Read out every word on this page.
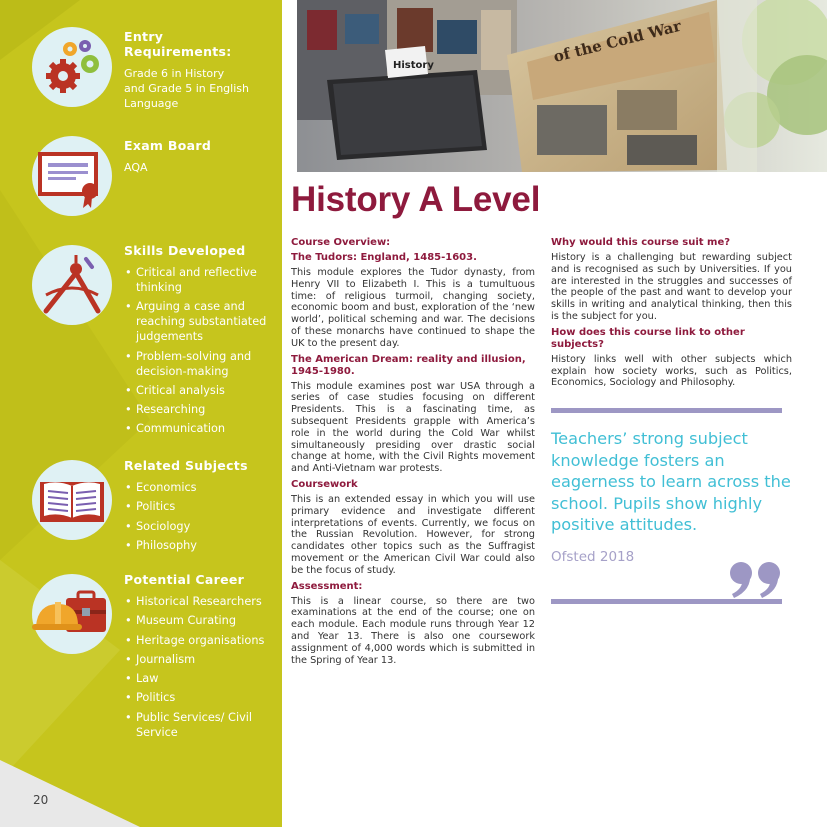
Entry Requirements:

Grade 6 in History
and Grade 5 in English
Language

Exam Board

AQA

Skills Developed

• Critical and reflective thinking
• Arguing a case and reaching substantiated judgements
• Problem-solving and decision-making
• Critical analysis
• Researching
• Communication

Related Subjects

• Economics
• Politics
• Sociology
• Philosophy

Potential Career

• Historical Researchers
• Museum Curating
• Heritage organisations
• Journalism
• Law
• Politics
• Public Services/ Civil Service
20
History	of the Cold War
History A Level

Course Overview:

The Tudors: England, 1485-1603.

This module explores the Tudor dynasty, from Henry VII to Elizabeth I. This is a tumultuous time: of religious turmoil, changing society, economic boom and bust, exploration of the ‘new world’, political scheming and war. The decisions of these monarchs have continued to shape the UK to the present day.

The American Dream: reality and illusion, 1945-1980.

This module examines post war USA through a series of case studies focusing on different Presidents. This is a fascinating time, as subsequent Presidents grapple with America’s role in the world during the Cold War whilst simultaneously presiding over drastic social change at home, with the Civil Rights movement and Anti-Vietnam war protests.

Coursework

This is an extended essay in which you will use primary evidence and investigate different interpretations of events. Currently, we focus on the Russian Revolution. However, for strong candidates other topics such as the Suffragist movement or the American Civil War could also be the focus of study.

Assessment:

This is a linear course, so there are two examinations at the end of the course; one on each module. Each module runs through Year 12 and Year 13. There is also one coursework assignment of 4,000 words which is submitted in the Spring of Year 13.

Why would this course suit me?

History is a challenging but rewarding subject and is recognised as such by Universities. If you are interested in the struggles and successes of the people of the past and want to develop your skills in writing and analytical thinking, then this is the subject for you.

How does this course link to other subjects?

History links well with other subjects which explain how society works, such as Politics, Economics, Sociology and Philosophy.

Teachers’ strong subject knowledge fosters an eagerness to learn across the school. Pupils show highly positive attitudes.

Ofsted 2018
